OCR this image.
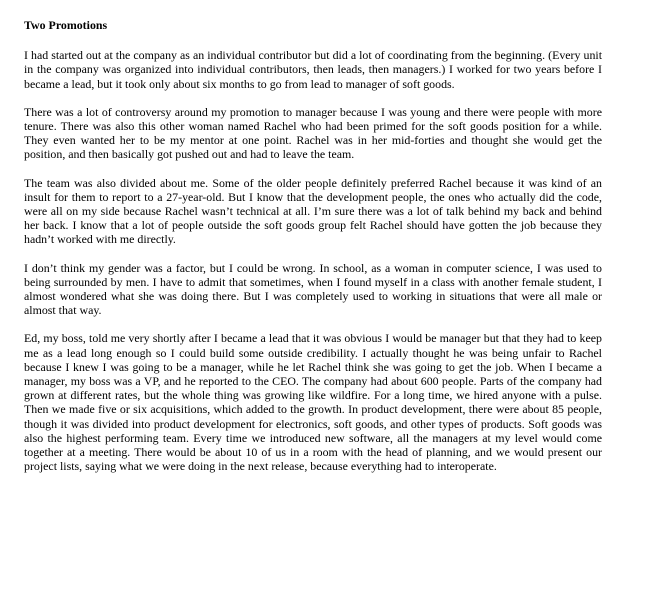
Two Promotions

I had started out at the company as an individual contributor but did a lot of coordinating from the beginning. (Every unit in the company was organized into individual contributors, then leads, then managers.) I worked for two years before I became a lead, but it took only about six months to go from lead to manager of soft goods.

There was a lot of controversy around my promotion to manager because I was young and there were people with more tenure. There was also this other woman named Rachel who had been primed for the soft goods position for a while. They even wanted her to be my mentor at one point. Rachel was in her mid-forties and thought she would get the position, and then basically got pushed out and had to leave the team.

The team was also divided about me. Some of the older people definitely preferred Rachel because it was kind of an insult for them to report to a 27-year-old. But I know that the development people, the ones who actually did the code, were all on my side because Rachel wasn’t technical at all. I’m sure there was a lot of talk behind my back and behind her back. I know that a lot of people outside the soft goods group felt Rachel should have gotten the job because they hadn’t worked with me directly.

I don’t think my gender was a factor, but I could be wrong. In school, as a woman in computer science, I was used to being surrounded by men. I have to admit that sometimes, when I found myself in a class with another female student, I almost wondered what she was doing there. But I was completely used to working in situations that were all male or almost that way.

Ed, my boss, told me very shortly after I became a lead that it was obvious I would be manager but that they had to keep me as a lead long enough so I could build some outside credibility. I actually thought he was being unfair to Rachel because I knew I was going to be a manager, while he let Rachel think she was going to get the job. When I became a manager, my boss was a VP, and he reported to the CEO. The company had about 600 people. Parts of the company had grown at different rates, but the whole thing was growing like wildfire. For a long time, we hired anyone with a pulse. Then we made five or six acquisitions, which added to the growth. In product development, there were about 85 people, though it was divided into product development for electronics, soft goods, and other types of products. Soft goods was also the highest performing team. Every time we introduced new software, all the managers at my level would come together at a meeting. There would be about 10 of us in a room with the head of planning, and we would present our project lists, saying what we were doing in the next release, because everything had to interoperate.
